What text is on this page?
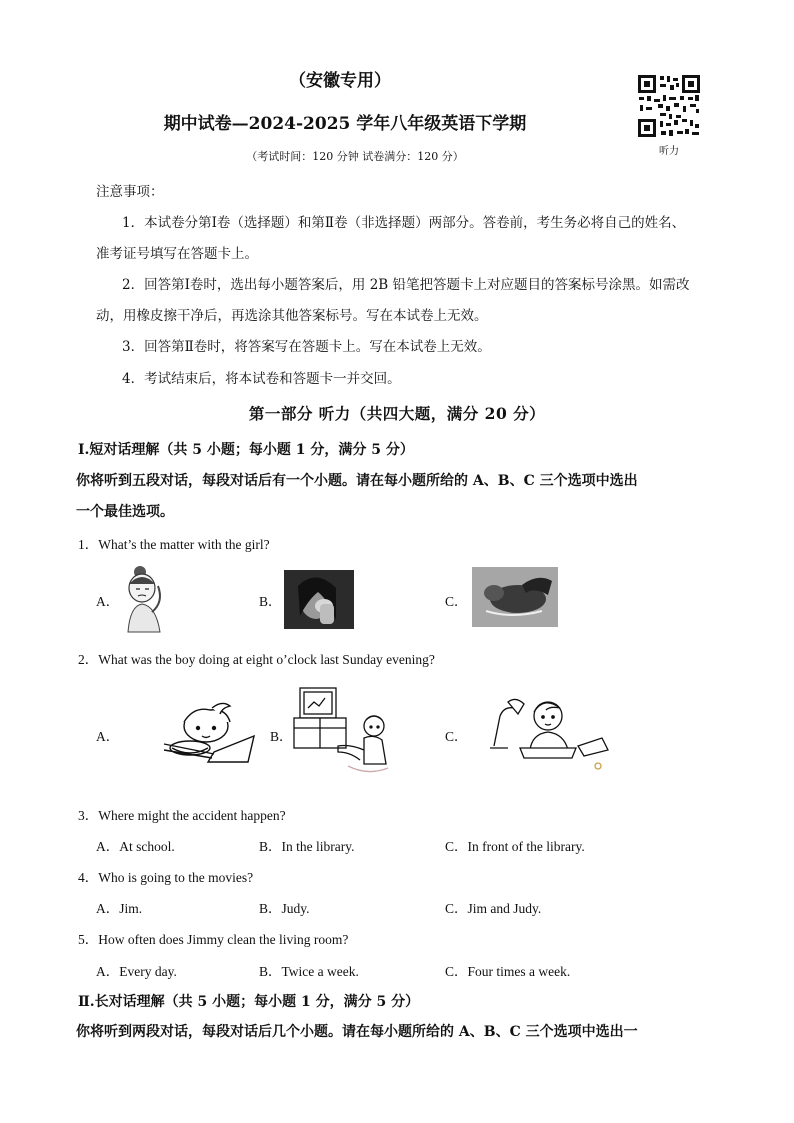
（安徽专用）
期中试卷—2024-2025 学年八年级英语下学期
（考试时间：120 分钟 试卷满分：120 分）	听力
注意事项：
1．本试卷分第Ⅰ卷（选择题）和第Ⅱ卷（非选择题）两部分。答卷前，考生务必将自己的姓名、
准考证号填写在答题卡上。
2．回答第Ⅰ卷时，选出每小题答案后，用 2B 铅笔把答题卡上对应题目的答案标号涂黑。如需改
动，用橡皮擦干净后，再选涂其他答案标号。写在本试卷上无效。
3．回答第Ⅱ卷时，将答案写在答题卡上。写在本试卷上无效。
4．考试结束后，将本试卷和答题卡一并交回。
第一部分 听力（共四大题，满分 20 分）
Ⅰ.短对话理解（共 5 小题；每小题 1 分，满分 5 分）
你将听到五段对话，每段对话后有一个小题。请在每小题所给的 A、B、C 三个选项中选出
一个最佳选项。
1．What’s the matter with the girl?
A．	B．	C．
2．What was the boy doing at eight o’clock last Sunday evening?
A．	B．	C．
3．Where might the accident happen?
A．At school.	B．In the library.	C．In front of the library.
4．Who is going to the movies?
A．Jim.	B．Judy.	C．Jim and Judy.
5．How often does Jimmy clean the living room?
A．Every day.	B．Twice a week.	C．Four times a week.
Ⅱ.长对话理解（共 5 小题；每小题 1 分，满分 5 分）
你将听到两段对话，每段对话后几个小题。请在每小题所给的 A、B、C 三个选项中选出一
